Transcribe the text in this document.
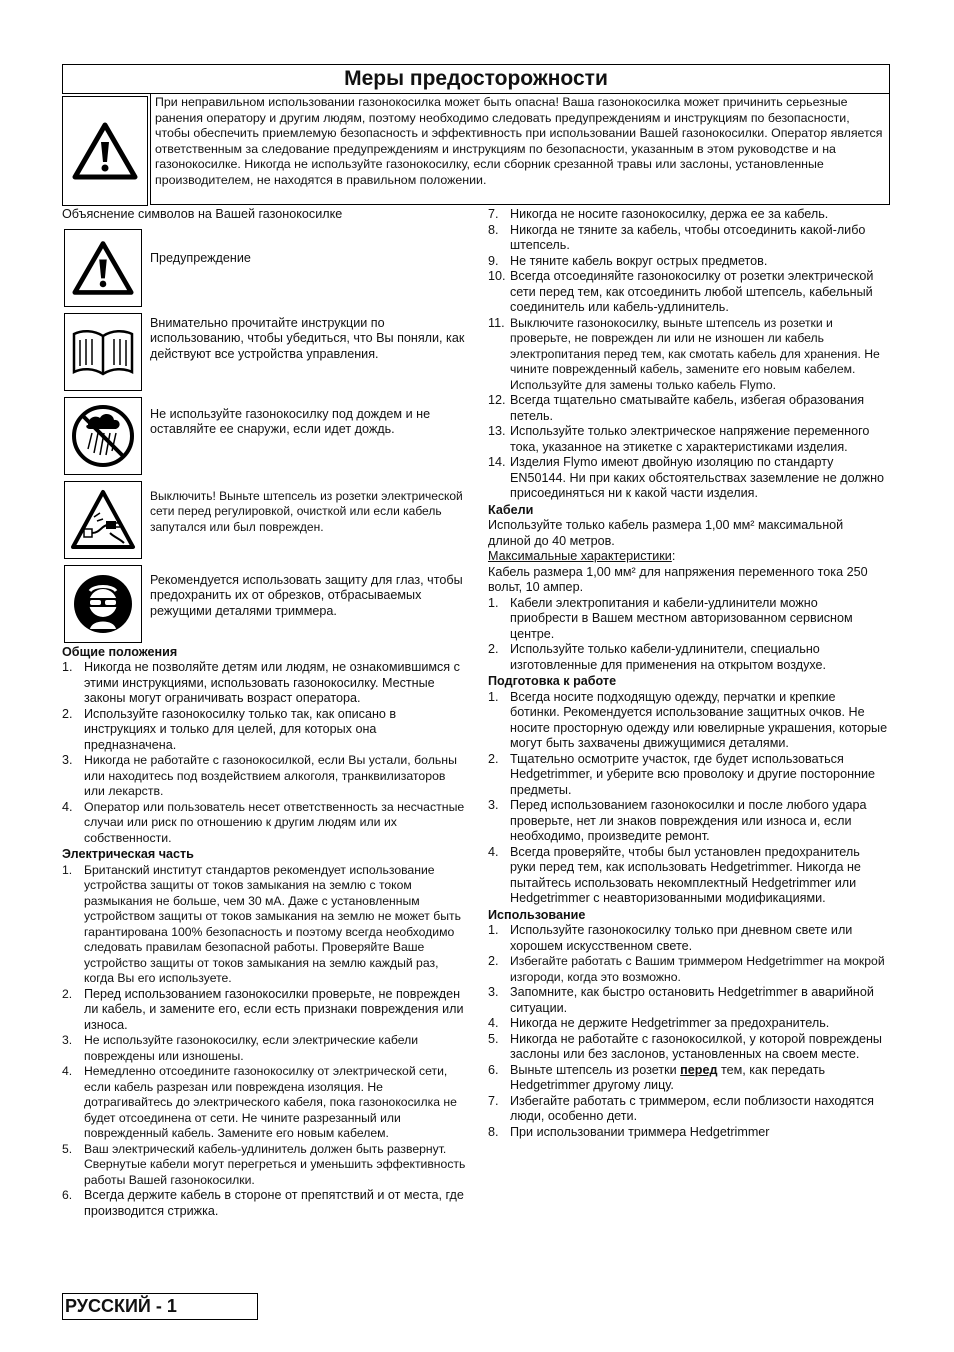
Меры предосторожности
При неправильном использовании газонокосилка может быть опасна! Ваша газонокосилка может причинить серьезные ранения оператору и другим людям, поэтому необходимо следовать предупреждениям и инструкциям по безопасности, чтобы обеспечить приемлемую безопасность и эффективность при использовании Вашей газонокосилки. Оператор является ответственным за следование предупреждениям и инструкциям по безопасности, указанным в этом руководстве и на газонокосилке. Никогда не используйте газонокосилку, если сборник срезанной травы или заслоны, установленные производителем, не находятся в правильном положении.
Объяснение символов на Вашей газонокосилке
Предупреждение
Внимательно прочитайте инструкции по использованию, чтобы убедиться, что Вы поняли, как действуют все устройства управления.
Не используйте газонокосилку под дождем и не оставляйте ее снаружи, если идет дождь.
Выключить! Выньте штепсель из розетки электрической сети перед регулировкой, очисткой или если кабель запутался или был поврежден.
Рекомендуется использовать защиту для глаз, чтобы предохранить их от обрезков, отбрасываемых режущими деталями триммера.
Общие положения
1. Никогда не позволяйте детям или людям, не ознакомившимся с этими инструкциями, использовать газонокосилку. Местные законы могут ограничивать возраст оператора.
2. Используйте газонокосилку только так, как описано в инструкциях и только для целей, для которых она предназначена.
3. Никогда не работайте с газонокосилкой, если Вы устали, больны или находитесь под воздействием алкоголя, транквилизаторов или лекарств.
4. Оператор или пользователь несет ответственность за несчастные случаи или риск по отношению к другим людям или их собственности.
Электрическая часть
1. Британский институт стандартов рекомендует использование устройства защиты от токов замыкания на землю с током размыкания не больше, чем 30 мА. Даже с установленным устройством защиты от токов замыкания на землю не может быть гарантирована 100% безопасность и поэтому всегда необходимо следовать правилам безопасной работы. Проверяйте Ваше устройство защиты от токов замыкания на землю каждый раз, когда Вы его используете.
2. Перед использованием газонокосилки проверьте, не поврежден ли кабель, и замените его, если есть признаки повреждения или износа.
3. Не используйте газонокосилку, если электрические кабели повреждены или изношены.
4. Немедленно отсоедините газонокосилку от электрической сети, если кабель разрезан или повреждена изоляция. Не дотрагивайтесь до электрического кабеля, пока газонокосилка не будет отсоединена от сети. Не чините разрезанный или поврежденный кабель. Замените его новым кабелем.
5. Ваш электрический кабель-удлинитель должен быть развернут. Свернутые кабели могут перегреться и уменьшить эффективность работы Вашей газонокосилки.
6. Всегда держите кабель в стороне от препятствий и от места, где производится стрижка.
7. Никогда не носите газонокосилку, держа ее за кабель.
8. Никогда не тяните за кабель, чтобы отсоединить какой-либо штепсель.
9. Не тяните кабель вокруг острых предметов.
10. Всегда отсоединяйте газонокосилку от розетки электрической сети перед тем, как отсоединить любой штепсель, кабельный соединитель или кабель-удлинитель.
11. Выключите газонокосилку, выньте штепсель из розетки и проверьте, не поврежден ли или не изношен ли кабель электропитания перед тем, как смотать кабель для хранения. Не чините поврежденный кабель, замените его новым кабелем. Используйте для замены только кабель Flymo.
12. Всегда тщательно сматывайте кабель, избегая образования петель.
13. Используйте только электрическое напряжение переменного тока, указанное на этикетке с характеристиками изделия.
14. Изделия Flymo имеют двойную изоляцию по стандарту EN50144. Ни при каких обстоятельствах заземление не должно присоединяться ни к какой части изделия.
Кабели
Используйте только кабель размера 1,00 мм² максимальной длиной до 40 метров.
Максимальные характеристики:
Кабель размера 1,00 мм² для напряжения переменного тока 250 вольт, 10 ампер.
1. Кабели электропитания и кабели-удлинители можно приобрести в Вашем местном авторизованном сервисном центре.
2. Используйте только кабели-удлинители, специально изготовленные для применения на открытом воздухе.
Подготовка к работе
1. Всегда носите подходящую одежду, перчатки и крепкие ботинки. Рекомендуется использование защитных очков. Не носите просторную одежду или ювелирные украшения, которые могут быть захвачены движущимися деталями.
2. Тщательно осмотрите участок, где будет использоваться Hedgetrimmer, и уберите всю проволоку и другие посторонние предметы.
3. Перед использованием газонокосилки и после любого удара проверьте, нет ли знаков повреждения или износа и, если необходимо, произведите ремонт.
4. Всегда проверяйте, чтобы был установлен предохранитель руки перед тем, как использовать Hedgetrimmer. Никогда не пытайтесь использовать некомплектный Hedgetrimmer или Hedgetrimmer с неавторизованными модификациями.
Использование
1. Используйте газонокосилку только при дневном свете или хорошем искусственном свете.
2. Избегайте работать с Вашим триммером Hedgetrimmer на мокрой изгороди, когда это возможно.
3. Запомните, как быстро остановить Hedgetrimmer в аварийной ситуации.
4. Никогда не держите Hedgetrimmer за предохранитель.
5. Никогда не работайте с газонокосилкой, у которой повреждены заслоны или без заслонов, установленных на своем месте.
6. Выньте штепсель из розетки перед тем, как передать Hedgetrimmer другому лицу.
7. Избегайте работать с триммером, если поблизости находятся люди, особенно дети.
8. При использовании триммера Hedgetrimmer
РУССКИЙ - 1
